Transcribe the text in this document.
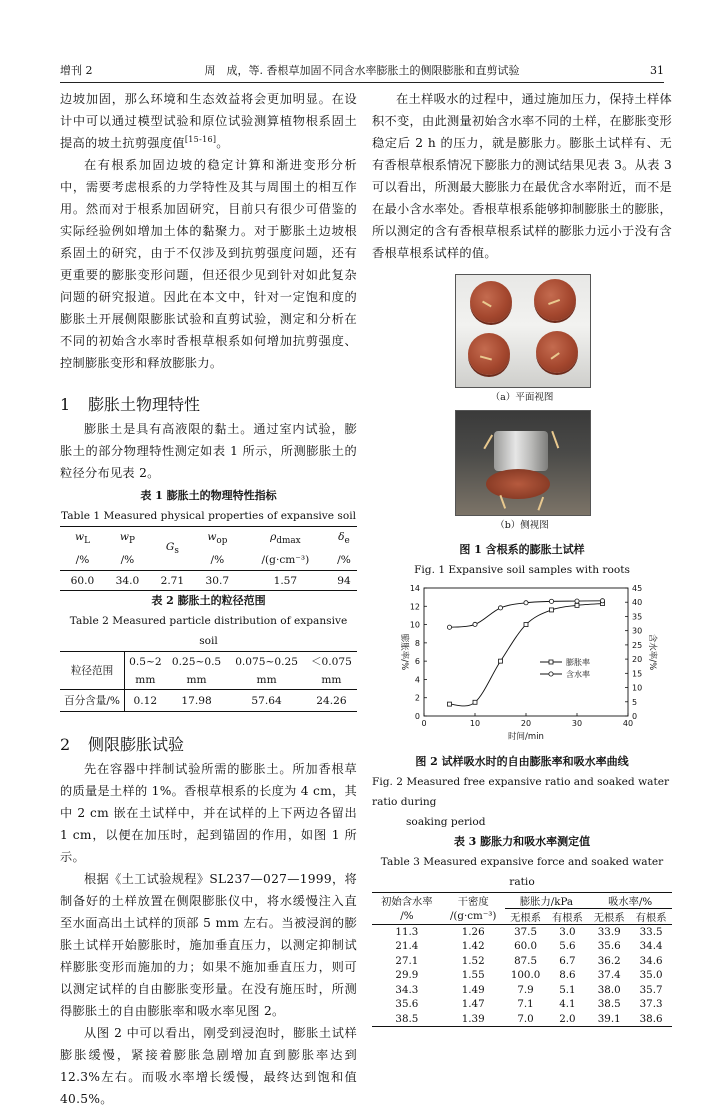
增刊 2	周　成，等. 香根草加固不同含水率膨胀土的侧限膨胀和直剪试验	31

边坡加固，那么环境和生态效益将会更加明显。在设计中可以通过模型试验和原位试验测算植物根系固土提高的坡土抗剪强度值[15-16]。

在有根系加固边坡的稳定计算和渐进变形分析中，需要考虑根系的力学特性及其与周围土的相互作用。然而对于根系加固研究，目前只有很少可借鉴的实际经验例如增加土体的黏聚力。对于膨胀土边坡根系固土的研究，由于不仅涉及到抗剪强度问题，还有更重要的膨胀变形问题，但还很少见到针对如此复杂问题的研究报道。因此在本文中，针对一定饱和度的膨胀土开展侧限膨胀试验和直剪试验，测定和分析在不同的初始含水率时香根草根系如何增加抗剪强度、控制膨胀变形和释放膨胀力。

1 膨胀土物理特性

膨胀土是具有高液限的黏土。通过室内试验，膨胀土的部分物理特性测定如表 1 所示，所测膨胀土的粒径分布见表 2。

表 1 膨胀土的物理特性指标
Table 1 Measured physical properties of expansive soil
$w_L$	$w_P$	$G_s$	$w_{op}$	$\rho_{dmax}$	$\delta_e$
/%	/%		/%	/(g·cm⁻³)	/%
60.0	34.0	2.71	30.7	1.57	94
表 2 膨胀土的粒径范围
Table 2 Measured particle distribution of expansive soil
粒径范围	0.5~2	0.25~0.5	0.075~0.25	＜0.075
	mm	mm	mm	mm
百分含量/%	0.12	17.98	57.64	24.26
2 侧限膨胀试验

先在容器中拌制试验所需的膨胀土。所加香根草的质量是土样的 1%。香根草根系的长度为 4 cm，其中 2 cm 嵌在土试样中，并在试样的上下两边各留出 1 cm，以便在加压时，起到锚固的作用，如图 1 所示。

根据《土工试验规程》SL237—027—1999，将制备好的土样放置在侧限膨胀仪中，将水缓慢注入直至水面高出土试样的顶部 5 mm 左右。当被浸润的膨胀土试样开始膨胀时，施加垂直压力，以测定抑制试样膨胀变形而施加的力；如果不施加垂直压力，则可以测定试样的自由膨胀变形量。在没有施压时，所测得膨胀土的自由膨胀率和吸水率见图 2。

从图 2 中可以看出，刚受到浸泡时，膨胀土试样膨胀缓慢，紧接着膨胀急剧增加直到膨胀率达到 12.3%左右。而吸水率增长缓慢，最终达到饱和值 40.5%。

在土样吸水的过程中，通过施加压力，保持土样体积不变，由此测量初始含水率不同的土样，在膨胀变形稳定后 2 h 的压力，就是膨胀力。膨胀土试样有、无有香根草根系情况下膨胀力的测试结果见表 3。从表 3 可以看出，所测最大膨胀力在最优含水率附近，而不是在最小含水率处。香根草根系能够抑制膨胀土的膨胀，所以测定的含有香根草根系试样的膨胀力远小于没有含香根草根系试样的值。

（a）平面视图
（b）侧视图
图 1 含根系的膨胀土试样
Fig. 1 Expansive soil samples with roots
0	10	20	30	40
0
2
4
6
8
10
12
14
0
5
10
15
20
25
30
35
40
45
时间/min
膨胀率/%	含水率/%
膨胀率
含水率
图 2 试样吸水时的自由膨胀率和吸水率曲线
Fig. 2 Measured free expansive ratio and soaked water ratio during
soaking period
表 3 膨胀力和吸水率测定值
Table 3 Measured expansive force and soaked water ratio
初始含水率	干密度	膨胀力/kPa		吸水率/%	
/%	/(g·cm⁻³)	无根系	有根系	无根系	有根系
11.3	1.26	37.5	3.0	33.9	33.5
21.4	1.42	60.0	5.6	35.6	34.4
27.1	1.52	87.5	6.7	36.2	34.6
29.9	1.55	100.0	8.6	37.4	35.0
34.3	1.49	7.9	5.1	38.0	35.7
35.6	1.47	7.1	4.1	38.5	37.3
38.5	1.39	7.0	2.0	39.1	38.6
